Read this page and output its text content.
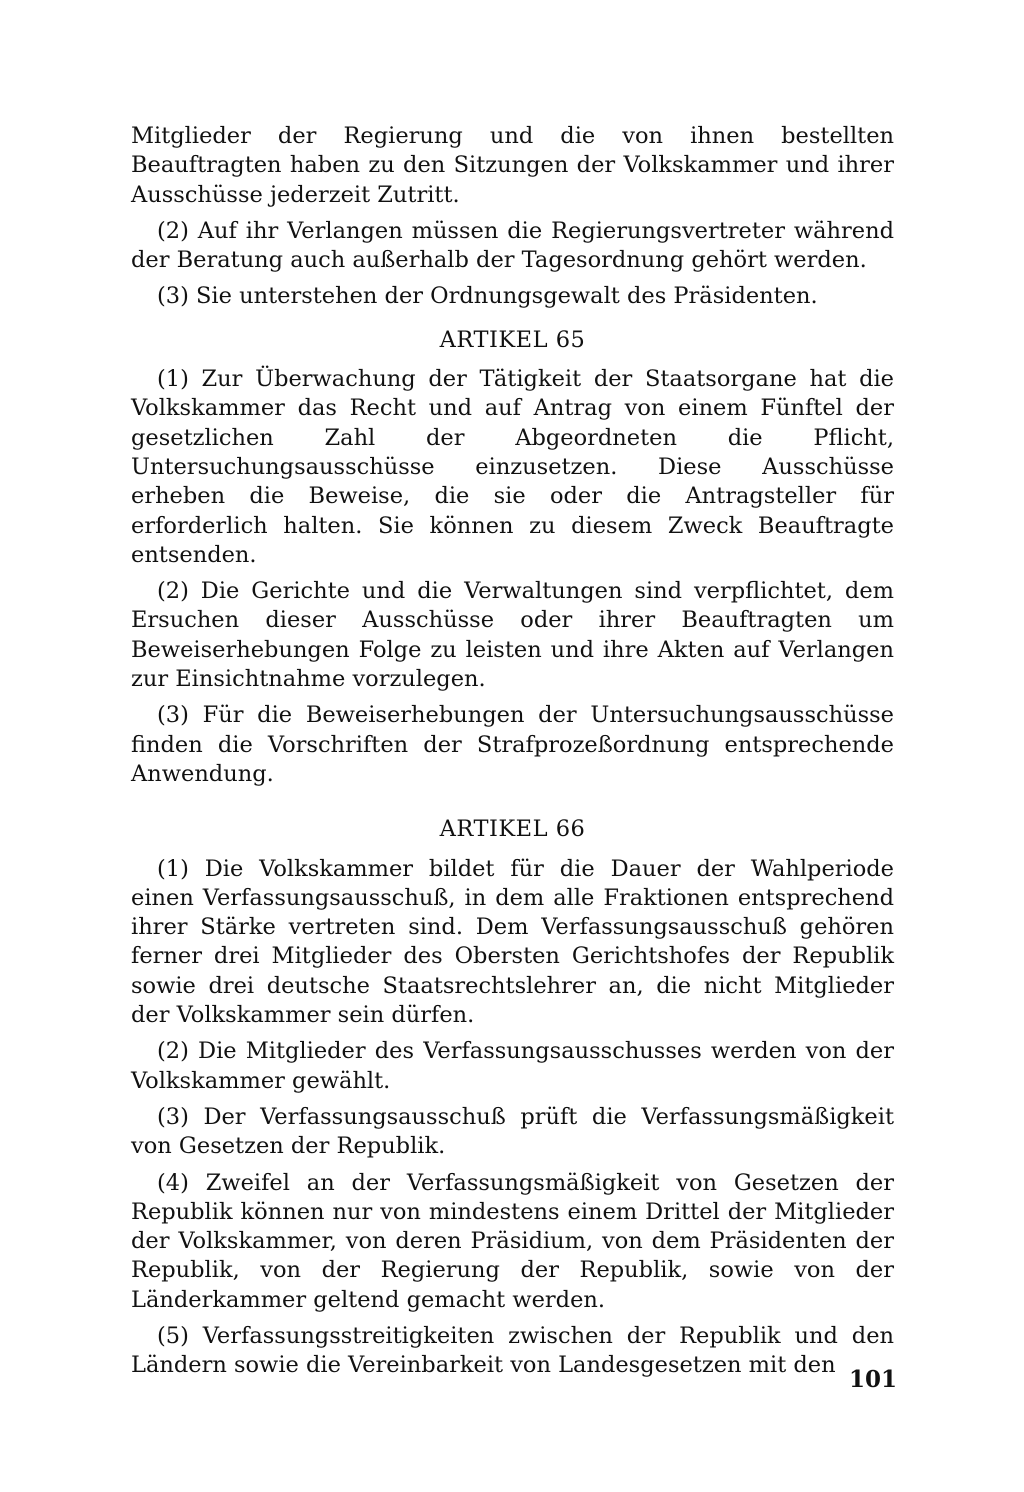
Mitglieder der Regierung und die von ihnen bestellten Beauftragten haben zu den Sitzungen der Volkskammer und ihrer Ausschüsse jederzeit Zutritt.

(2) Auf ihr Verlangen müssen die Regierungsvertreter während der Beratung auch außerhalb der Tagesordnung gehört werden.

(3) Sie unterstehen der Ordnungsgewalt des Präsidenten.

ARTIKEL 65

(1) Zur Überwachung der Tätigkeit der Staatsorgane hat die Volkskammer das Recht und auf Antrag von einem Fünftel der gesetzlichen Zahl der Abgeordneten die Pflicht, Untersuchungsausschüsse einzusetzen. Diese Ausschüsse erheben die Beweise, die sie oder die Antragsteller für erforderlich halten. Sie können zu diesem Zweck Beauftragte entsenden.

(2) Die Gerichte und die Verwaltungen sind verpflichtet, dem Ersuchen dieser Ausschüsse oder ihrer Beauftragten um Beweiserhebungen Folge zu leisten und ihre Akten auf Verlangen zur Einsichtnahme vorzulegen.

(3) Für die Beweiserhebungen der Untersuchungsausschüsse finden die Vorschriften der Strafprozeßordnung entsprechende Anwendung.

ARTIKEL 66

(1) Die Volkskammer bildet für die Dauer der Wahlperiode einen Verfassungsausschuß, in dem alle Fraktionen entsprechend ihrer Stärke vertreten sind. Dem Verfassungsausschuß gehören ferner drei Mitglieder des Obersten Gerichtshofes der Republik sowie drei deutsche Staatsrechtslehrer an, die nicht Mitglieder der Volkskammer sein dürfen.

(2) Die Mitglieder des Verfassungsausschusses werden von der Volkskammer gewählt.

(3) Der Verfassungsausschuß prüft die Verfassungsmäßigkeit von Gesetzen der Republik.

(4) Zweifel an der Verfassungsmäßigkeit von Gesetzen der Republik können nur von mindestens einem Drittel der Mitglieder der Volkskammer, von deren Präsidium, von dem Präsidenten der Republik, von der Regierung der Republik, sowie von der Länderkammer geltend gemacht werden.

(5) Verfassungsstreitigkeiten zwischen der Republik und den Ländern sowie die Vereinbarkeit von Landesgesetzen mit den

101
